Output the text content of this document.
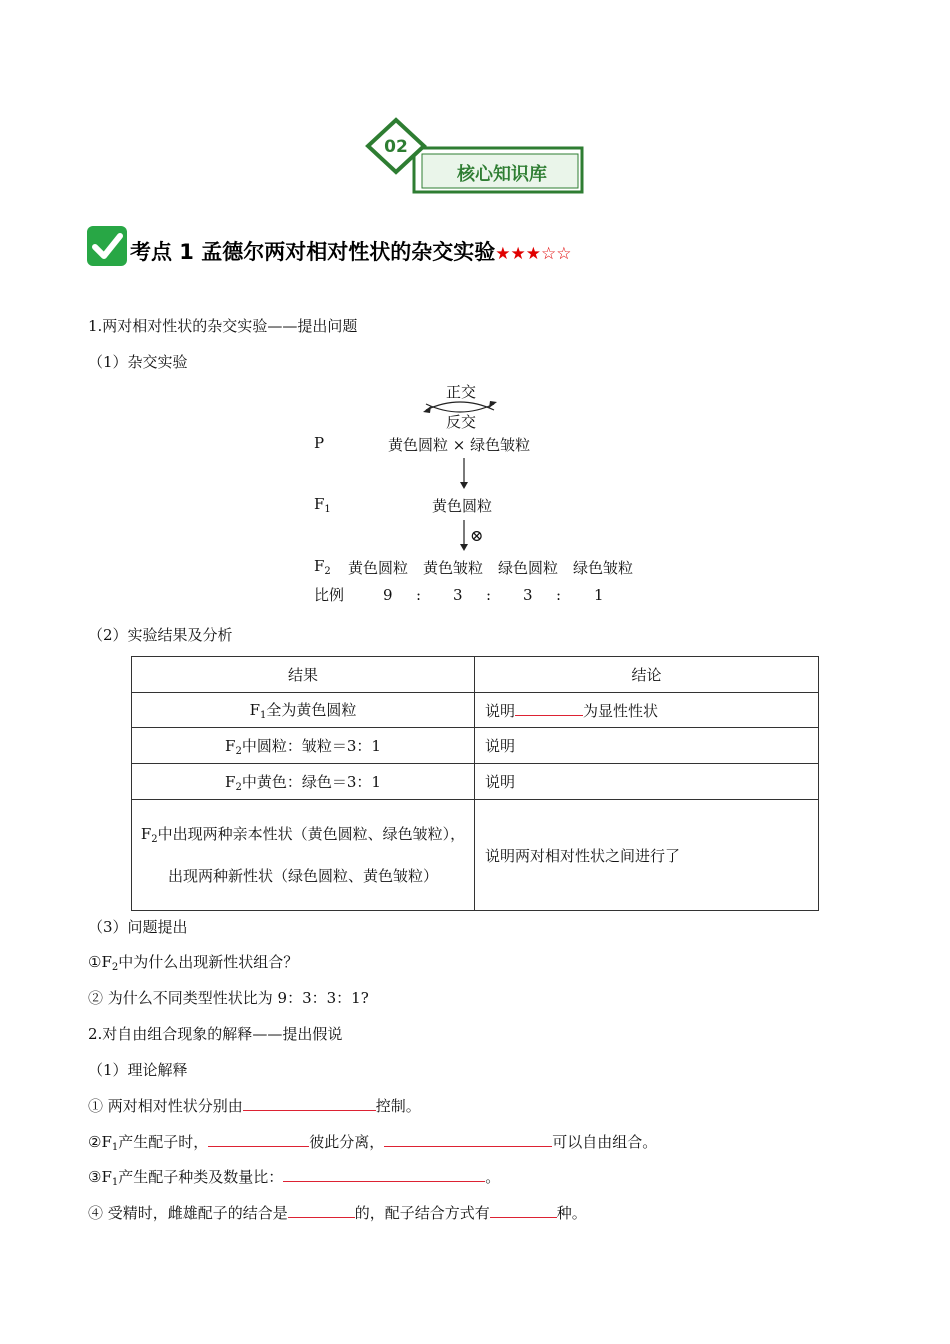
02
核心知识库
考点 1 孟德尔两对相对性状的杂交实验★★★☆☆
1.两对相对性状的杂交实验——提出问题
（1）杂交实验
正交
反交
P	黄色圆粒 × 绿色皱粒
$F_1$	黄色圆粒
⊗
$F_2$ 黄色圆粒 黄色皱粒 绿色圆粒 绿色皱粒
比例	9 : 3 : 3 : 1
（2）实验结果及分析
结果	结论
$F_1$全为黄色圆粒	说明 为显性性状
$F_2$中圆粒：皱粒＝3：1	说明
$F_2$中黄色：绿色＝3：1	说明
$F_2$中出现两种亲本性状（黄色圆粒、绿色皱粒），出现两种新性状（绿色圆粒、黄色皱粒）	说明两对相对性状之间进行了
（3）问题提出
$①F_2$中为什么出现新性状组合？
② 为什么不同类型性状比为 9：3：3：1?
2.对自由组合现象的解释——提出假说
（1）理论解释
① 两对相对性状分别由	控制。
$②F_1$产生配子时，	彼此分离，	可以自由组合。
$③F_1$产生配子种类及数量比：	。
④ 受精时，雌雄配子的结合是	的，配子结合方式有	种。
